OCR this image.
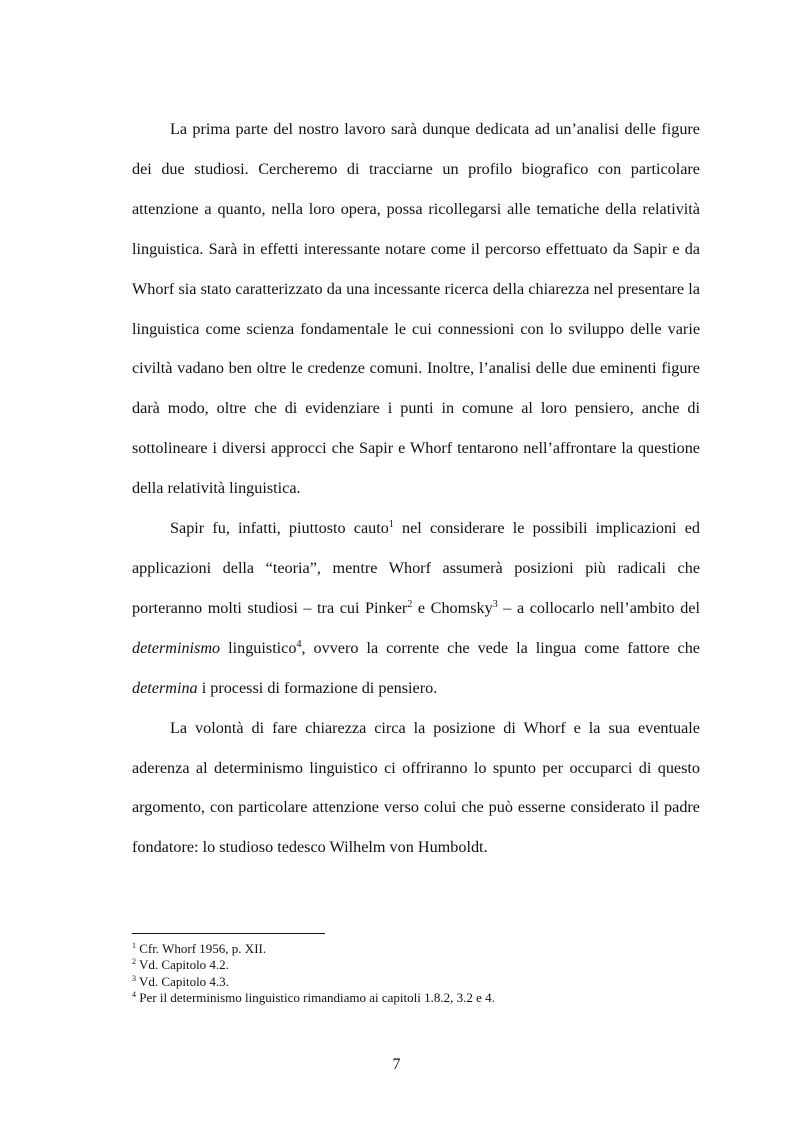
La prima parte del nostro lavoro sarà dunque dedicata ad un’analisi delle figure dei due studiosi. Cercheremo di tracciarne un profilo biografico con particolare attenzione a quanto, nella loro opera, possa ricollegarsi alle tematiche della relatività linguistica. Sarà in effetti interessante notare come il percorso effettuato da Sapir e da Whorf sia stato caratterizzato da una incessante ricerca della chiarezza nel presentare la linguistica come scienza fondamentale le cui connessioni con lo sviluppo delle varie civiltà vadano ben oltre le credenze comuni. Inoltre, l’analisi delle due eminenti figure darà modo, oltre che di evidenziare i punti in comune al loro pensiero, anche di sottolineare i diversi approcci che Sapir e Whorf tentarono nell’affrontare la questione della relatività linguistica.

Sapir fu, infatti, piuttosto cauto$^1$ nel considerare le possibili implicazioni ed applicazioni della “teoria”, mentre Whorf assumerà posizioni più radicali che porteranno molti studiosi – tra cui Pinker$^2$ e Chomsky$^3$ – a collocarlo nell’ambito del determinismo linguistico$^4$, ovvero la corrente che vede la lingua come fattore che determina i processi di formazione di pensiero.

La volontà di fare chiarezza circa la posizione di Whorf e la sua eventuale aderenza al determinismo linguistico ci offriranno lo spunto per occuparci di questo argomento, con particolare attenzione verso colui che può esserne considerato il padre fondatore: lo studioso tedesco Wilhelm von Humboldt.

$^1$ Cfr. Whorf 1956, p. XII.
$^2$ Vd. Capitolo 4.2.
$^3$ Vd. Capitolo 4.3.
$^4$ Per il determinismo linguistico rimandiamo ai capitoli 1.8.2, 3.2 e 4.
7
